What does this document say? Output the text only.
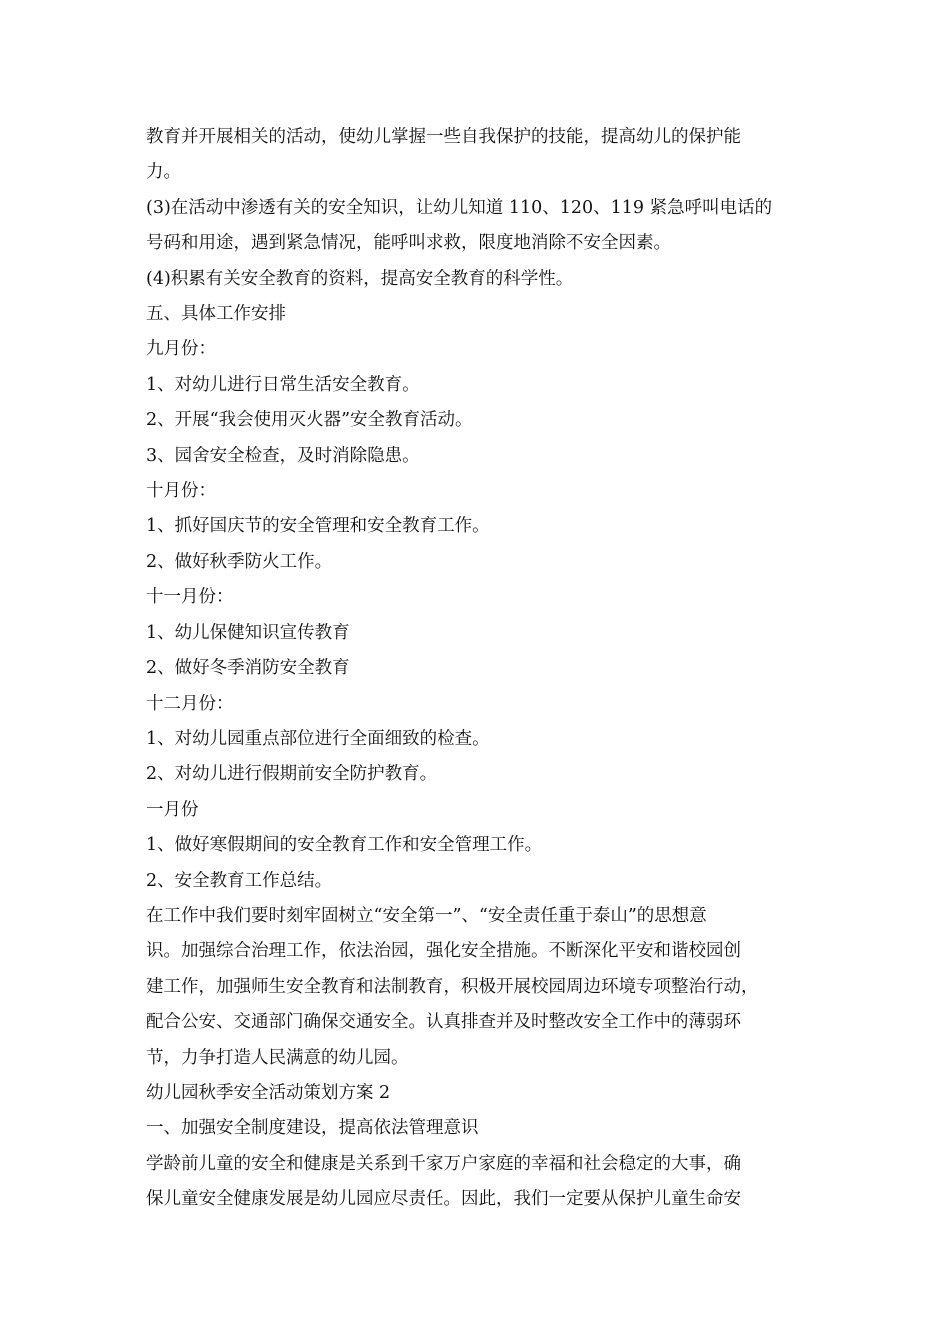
教育并开展相关的活动，使幼儿掌握一些自我保护的技能，提高幼儿的保护能
力。

(3)在活动中渗透有关的安全知识，让幼儿知道 110、120、119 紧急呼叫电话的
号码和用途，遇到紧急情况，能呼叫求救，限度地消除不安全因素。

(4)积累有关安全教育的资料，提高安全教育的科学性。

五、具体工作安排

九月份：

1、对幼儿进行日常生活安全教育。

2、开展“我会使用灭火器”安全教育活动。

3、园舍安全检查，及时消除隐患。

十月份：

1、抓好国庆节的安全管理和安全教育工作。

2、做好秋季防火工作。

十一月份：

1、幼儿保健知识宣传教育

2、做好冬季消防安全教育

十二月份：

1、对幼儿园重点部位进行全面细致的检查。

2、对幼儿进行假期前安全防护教育。

一月份

1、做好寒假期间的安全教育工作和安全管理工作。

2、安全教育工作总结。

在工作中我们要时刻牢固树立“安全第一”、“安全责任重于泰山”的思想意
识。加强综合治理工作，依法治园，强化安全措施。不断深化平安和谐校园创
建工作，加强师生安全教育和法制教育，积极开展校园周边环境专项整治行动，
配合公安、交通部门确保交通安全。认真排查并及时整改安全工作中的薄弱环
节，力争打造人民满意的幼儿园。

幼儿园秋季安全活动策划方案 2

一、加强安全制度建设，提高依法管理意识

学龄前儿童的安全和健康是关系到千家万户家庭的幸福和社会稳定的大事，确
保儿童安全健康发展是幼儿园应尽责任。因此，我们一定要从保护儿童生命安
